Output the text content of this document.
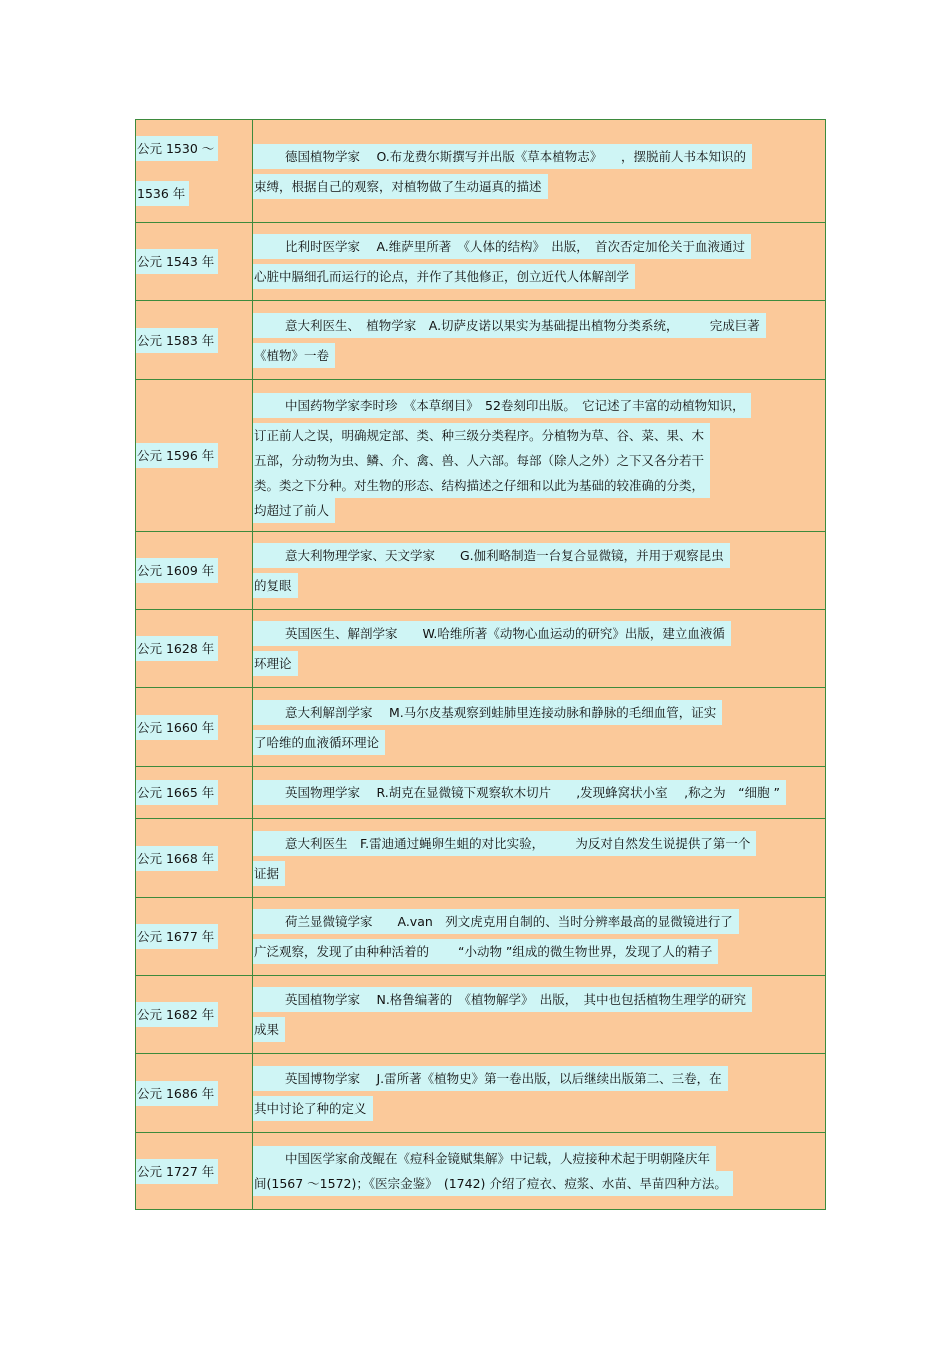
公元 1530 ～
1536 年	德国植物学家　 O.布龙费尔斯撰写并出版《草本植物志》　　，摆脱前人书本知识的
束缚，根据自己的观察，对植物做了生动逼真的描述

公元 1543 年	比利时医学家　 A.维萨里所著　《人体的结构》　出版，　首次否定加伦关于血液通过
心脏中膈细孔而运行的论点，并作了其他修正，创立近代人体解剖学

公元 1583 年	意大利医生、　植物学家　A.切萨皮诺以果实为基础提出植物分类系统，　　　完成巨著
《植物》一卷

公元 1596 年	中国药物学家李时珍　《本草纲目》　52卷刻印出版。　它记述了丰富的动植物知识，
订正前人之误，明确规定部、类、种三级分类程序。分植物为草、谷、菜、果、木
五部，分动物为虫、鳞、介、禽、兽、人六部。每部（除人之外）之下又各分若干
类。类之下分种。对生物的形态、结构描述之仔细和以此为基础的较准确的分类，
均超过了前人

公元 1609 年	意大利物理学家、天文学家　　G.伽利略制造一台复合显微镜，并用于观察昆虫
的复眼

公元 1628 年	英国医生、解剖学家　　W.哈维所著《动物心血运动的研究》出版，建立血液循
环理论

公元 1660 年	意大利解剖学家　 M.马尔皮基观察到蛙肺里连接动脉和静脉的毛细血管，证实
了哈维的血液循环理论

公元 1665 年	英国物理学家　 R.胡克在显微镜下观察软木切片　　,发现蜂窝状小室　 ,称之为　“细胞 ”

公元 1668 年	意大利医生　F.雷迪通过蝇卵生蛆的对比实验，　　　为反对自然发生说提供了第一个
证据

公元 1677 年	荷兰显微镜学家　　A.van　列文虎克用自制的、当时分辨率最高的显微镜进行了
广泛观察，发现了由种种活着的　　 “小动物 ”组成的微生物世界，发现了人的精子

公元 1682 年	英国植物学家　 N.格鲁编著的　《植物解学》　出版，　其中也包括植物生理学的研究
成果

公元 1686 年	英国博物学家　 J.雷所著《植物史》第一卷出版，以后继续出版第二、三卷，在
其中讨论了种的定义

公元 1727 年	中国医学家俞茂鲲在《痘科金镜赋集解》中记载，人痘接种术起于明朝隆庆年
间(1567 ～1572)；《医宗金鉴》　(1742) 介绍了痘衣、痘浆、水苗、旱苗四种方法。
